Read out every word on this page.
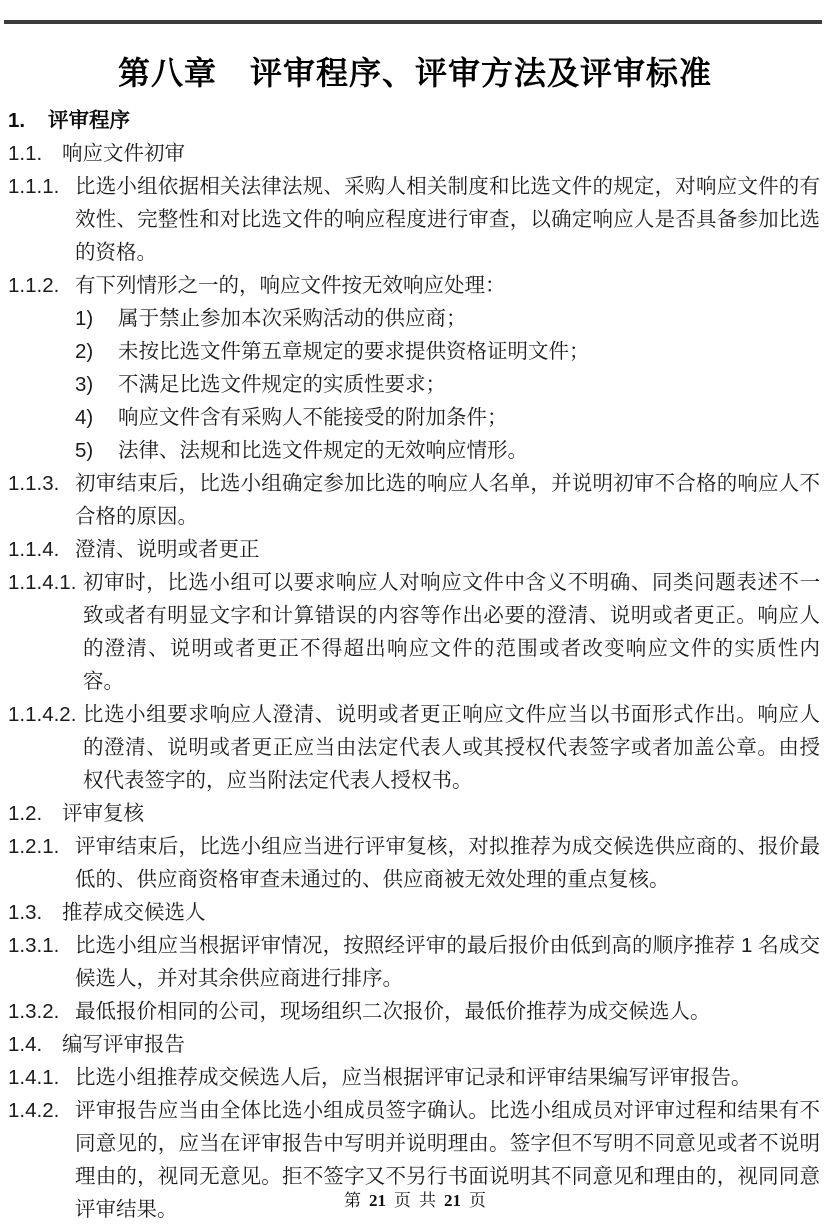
第八章　评审程序、评审方法及评审标准
1.	评审程序
1.1. 响应文件初审
1.1.1. 比选小组依据相关法律法规、采购人相关制度和比选文件的规定，对响应文件的有效性、完整性和对比选文件的响应程度进行审查，以确定响应人是否具备参加比选的资格。
1.1.2. 有下列情形之一的，响应文件按无效响应处理：
1)	属于禁止参加本次采购活动的供应商；
2)	未按比选文件第五章规定的要求提供资格证明文件；
3)	不满足比选文件规定的实质性要求；
4)	响应文件含有采购人不能接受的附加条件；
5)	法律、法规和比选文件规定的无效响应情形。
1.1.3. 初审结束后，比选小组确定参加比选的响应人名单，并说明初审不合格的响应人不合格的原因。
1.1.4. 澄清、说明或者更正
1.1.4.1. 初审时，比选小组可以要求响应人对响应文件中含义不明确、同类问题表述不一致或者有明显文字和计算错误的内容等作出必要的澄清、说明或者更正。响应人的澄清、说明或者更正不得超出响应文件的范围或者改变响应文件的实质性内容。
1.1.4.2. 比选小组要求响应人澄清、说明或者更正响应文件应当以书面形式作出。响应人的澄清、说明或者更正应当由法定代表人或其授权代表签字或者加盖公章。由授权代表签字的，应当附法定代表人授权书。
1.2. 评审复核
1.2.1. 评审结束后，比选小组应当进行评审复核，对拟推荐为成交候选供应商的、报价最低的、供应商资格审查未通过的、供应商被无效处理的重点复核。
1.3. 推荐成交候选人
1.3.1. 比选小组应当根据评审情况，按照经评审的最后报价由低到高的顺序推荐 1 名成交候选人，并对其余供应商进行排序。
1.3.2. 最低报价相同的公司，现场组织二次报价，最低价推荐为成交候选人。
1.4. 编写评审报告
1.4.1. 比选小组推荐成交候选人后，应当根据评审记录和评审结果编写评审报告。
1.4.2. 评审报告应当由全体比选小组成员签字确认。比选小组成员对评审过程和结果有不同意见的，应当在评审报告中写明并说明理由。签字但不写明不同意见或者不说明理由的，视同无意见。拒不签字又不另行书面说明其不同意见和理由的，视同同意评审结果。	第 21 页 共 21 页
